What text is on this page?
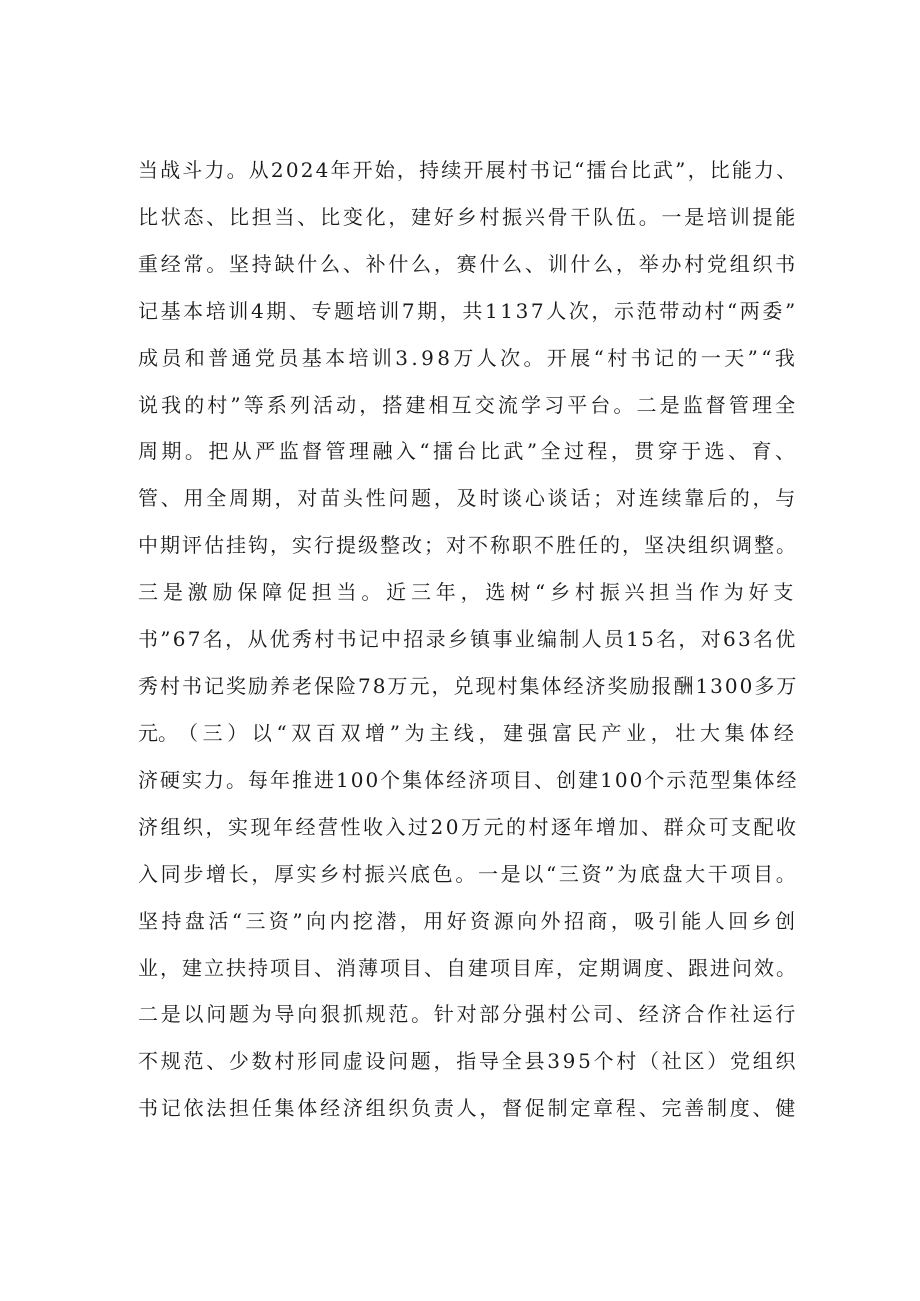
当战斗力。从2024年开始，持续开展村书记“擂台比武”，比能力、
比状态、比担当、比变化，建好乡村振兴骨干队伍。一是培训提能
重经常。坚持缺什么、补什么，赛什么、训什么，举办村党组织书
记基本培训4期、专题培训7期，共1137人次，示范带动村“两委”
成员和普通党员基本培训3.98万人次。开展“村书记的一天”“我
说我的村”等系列活动，搭建相互交流学习平台。二是监督管理全
周期。把从严监督管理融入“擂台比武”全过程，贯穿于选、育、
管、用全周期，对苗头性问题，及时谈心谈话；对连续靠后的，与
中期评估挂钩，实行提级整改；对不称职不胜任的，坚决组织调整。
三是激励保障促担当。近三年，选树“乡村振兴担当作为好支
书”67名，从优秀村书记中招录乡镇事业编制人员15名，对63名优
秀村书记奖励养老保险78万元，兑现村集体经济奖励报酬1300多万
元。 （三）以“双百双增”为主线，建强富民产业，壮大集体经
济硬实力。每年推进100个集体经济项目、创建100个示范型集体经
济组织，实现年经营性收入过20万元的村逐年增加、群众可支配收
入同步增长，厚实乡村振兴底色。一是以“三资”为底盘大干项目。
坚持盘活“三资”向内挖潜，用好资源向外招商，吸引能人回乡创
业，建立扶持项目、消薄项目、自建项目库，定期调度、跟进问效。
二是以问题为导向狠抓规范。针对部分强村公司、经济合作社运行
不规范、少数村形同虚设问题，指导全县395个村（社区）党组织
书记依法担任集体经济组织负责人，督促制定章程、完善制度、健
